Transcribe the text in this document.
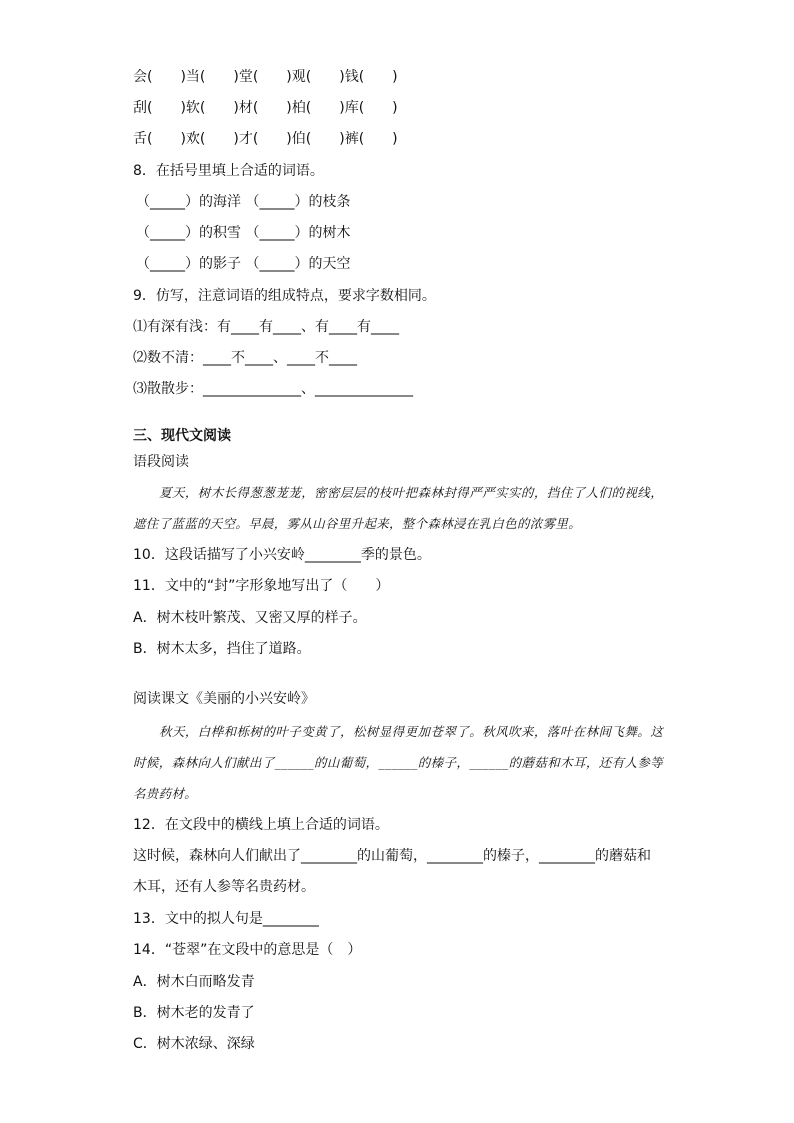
会(　　)当(　　)堂(　　)观(　　)钱(　　)
刮(　　)软(　　)材(　　)柏(　　)库(　　)
舌(　　)欢(　　)才(　　)伯(　　)裤(　　)
8．在括号里填上合适的词语。
（_____）的海洋 （_____）的枝条
（_____）的积雪 （_____）的树木
（_____）的影子 （_____）的天空
9．仿写，注意词语的组成特点，要求字数相同。
⑴有深有浅：有____有____、有____有____
⑵数不清：____不____、____不____
⑶散散步：______________、______________
三、现代文阅读
语段阅读
夏天，树木长得葱葱茏茏，密密层层的枝叶把森林封得严严实实的，挡住了人们的视线，遮住了蓝蓝的天空。早晨，雾从山谷里升起来，整个森林浸在乳白色的浓雾里。
10．这段话描写了小兴安岭________季的景色。
11．文中的“封”字形象地写出了（　　）
A．树木枝叶繁茂、又密又厚的样子。
B．树木太多，挡住了道路。
阅读课文《美丽的小兴安岭》
秋天，白桦和栎树的叶子变黄了，松树显得更加苍翠了。秋风吹来，落叶在林间飞舞。这时候，森林向人们献出了______的山葡萄，______的榛子，______的蘑菇和木耳，还有人参等名贵药材。
12．在文段中的横线上填上合适的词语。
这时候，森林向人们献出了________的山葡萄，________的榛子，________的蘑菇和木耳，还有人参等名贵药材。
13．文中的拟人句是________
14．“苍翠”在文段中的意思是（　）
A．树木白而略发青
B．树木老的发青了
C．树木浓绿、深绿
